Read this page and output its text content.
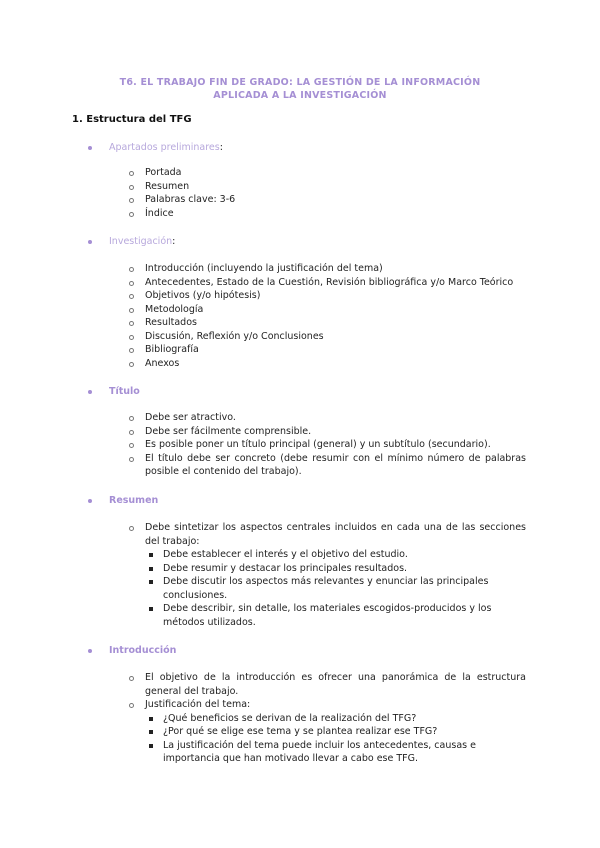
T6. EL TRABAJO FIN DE GRADO: LA GESTIÓN DE LA INFORMACIÓN APLICADA A LA INVESTIGACIÓN
1. Estructura del TFG
Apartados preliminares:
Portada
Resumen
Palabras clave: 3-6
Índice
Investigación:
Introducción (incluyendo la justificación del tema)
Antecedentes, Estado de la Cuestión, Revisión bibliográfica y/o Marco Teórico
Objetivos (y/o hipótesis)
Metodología
Resultados
Discusión, Reflexión y/o Conclusiones
Bibliografía
Anexos
Título
Debe ser atractivo.
Debe ser fácilmente comprensible.
Es posible poner un título principal (general) y un subtítulo (secundario).
El título debe ser concreto (debe resumir con el mínimo número de palabras posible el contenido del trabajo).
Resumen
Debe sintetizar los aspectos centrales incluidos en cada una de las secciones del trabajo:
Debe establecer el interés y el objetivo del estudio.
Debe resumir y destacar los principales resultados.
Debe discutir los aspectos más relevantes y enunciar las principales conclusiones.
Debe describir, sin detalle, los materiales escogidos-producidos y los métodos utilizados.
Introducción
El objetivo de la introducción es ofrecer una panorámica de la estructura general del trabajo.
Justificación del tema:
¿Qué beneficios se derivan de la realización del TFG?
¿Por qué se elige ese tema y se plantea realizar ese TFG?
La justificación del tema puede incluir los antecedentes, causas e importancia que han motivado llevar a cabo ese TFG.
